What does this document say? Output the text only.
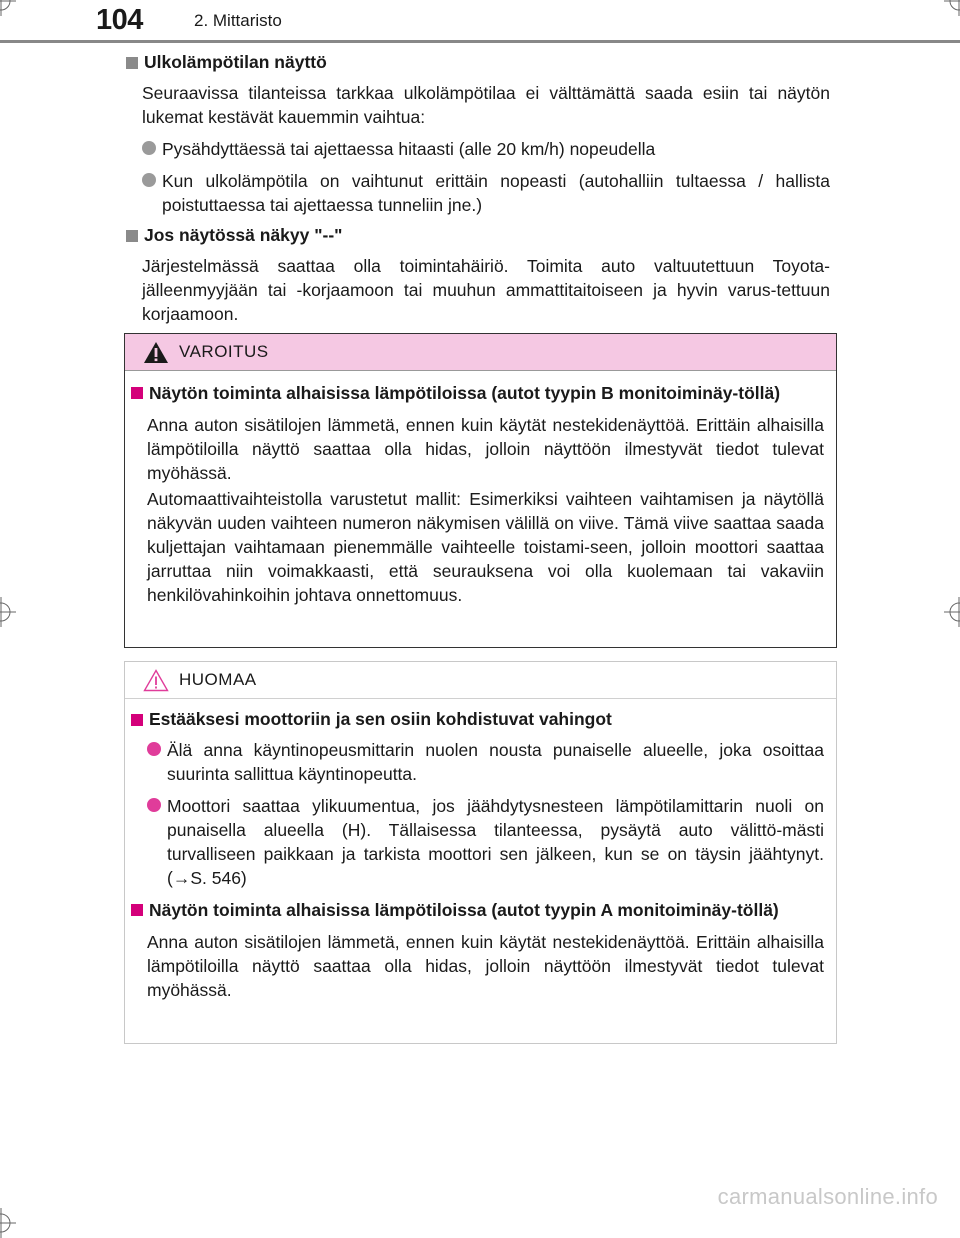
104	2. Mittaristo
Ulkolämpötilan näyttö

Seuraavissa tilanteissa tarkkaa ulkolämpötilaa ei välttämättä saada esiin tai näytön lukemat kestävät kauemmin vaihtua:

Pysähdyttäessä tai ajettaessa hitaasti (alle 20 km/h) nopeudella
Kun ulkolämpötila on vaihtunut erittäin nopeasti (autohalliin tultaessa / hallista poistuttaessa tai ajettaessa tunneliin jne.)
Jos näytössä näkyy "--"

Järjestelmässä saattaa olla toimintahäiriö. Toimita auto valtuutettuun Toyota-jälleenmyyjään tai -korjaamoon tai muuhun ammattitaitoiseen ja hyvin varus-tettuun korjaamoon.

VAROITUS
Näytön toiminta alhaisissa lämpötiloissa (autot tyypin B monitoiminäy-töllä)

Anna auton sisätilojen lämmetä, ennen kuin käytät nestekidenäyttöä. Erittäin alhaisilla lämpötiloilla näyttö saattaa olla hidas, jolloin näyttöön ilmestyvät tiedot tulevat myöhässä.

Automaattivaihteistolla varustetut mallit: Esimerkiksi vaihteen vaihtamisen ja näytöllä näkyvän uuden vaihteen numeron näkymisen välillä on viive. Tämä viive saattaa saada kuljettajan vaihtamaan pienemmälle vaihteelle toistami-seen, jolloin moottori saattaa jarruttaa niin voimakkaasti, että seurauksena voi olla kuolemaan tai vakaviin henkilövahinkoihin johtava onnettomuus.

HUOMAA
Estääksesi moottoriin ja sen osiin kohdistuvat vahingot
Älä anna käyntinopeusmittarin nuolen nousta punaiselle alueelle, joka osoittaa suurinta sallittua käyntinopeutta.
Moottori saattaa ylikuumentua, jos jäähdytysnesteen lämpötilamittarin nuoli on punaisella alueella (H). Tällaisessa tilanteessa, pysäytä auto välittö-mästi turvalliseen paikkaan ja tarkista moottori sen jälkeen, kun se on täysin jäähtynyt. (→S. 546)
Näytön toiminta alhaisissa lämpötiloissa (autot tyypin A monitoiminäy-töllä)

Anna auton sisätilojen lämmetä, ennen kuin käytät nestekidenäyttöä. Erittäin alhaisilla lämpötiloilla näyttö saattaa olla hidas, jolloin näyttöön ilmestyvät tiedot tulevat myöhässä.

carmanualsonline.info
